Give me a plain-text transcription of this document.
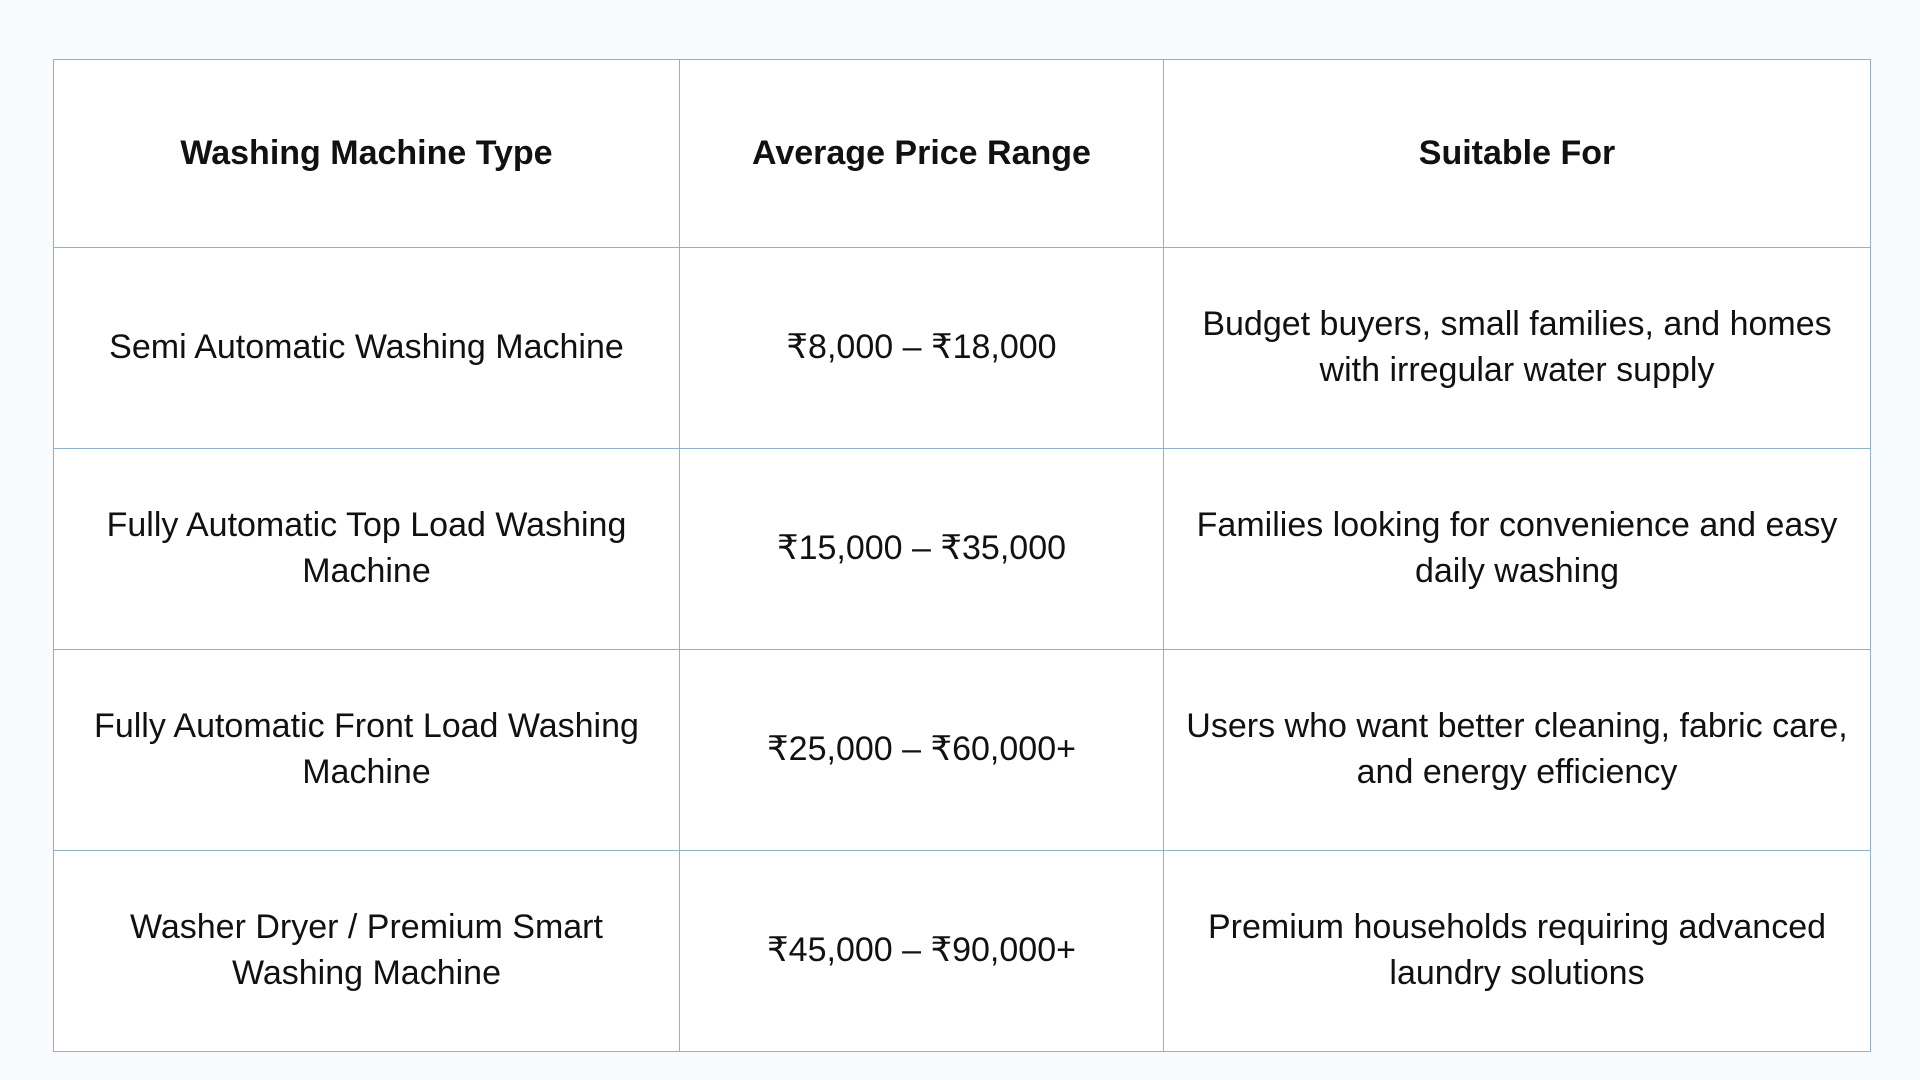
Washing Machine Type	Average Price Range	Suitable For
Semi Automatic Washing Machine	₹8,000 – ₹18,000	Budget buyers, small families, and homes with irregular water supply
Fully Automatic Top Load Washing Machine	₹15,000 – ₹35,000	Families looking for convenience and easy daily washing
Fully Automatic Front Load Washing Machine	₹25,000 – ₹60,000+	Users who want better cleaning, fabric care, and energy efficiency
Washer Dryer / Premium Smart Washing Machine	₹45,000 – ₹90,000+	Premium households requiring advanced laundry solutions
